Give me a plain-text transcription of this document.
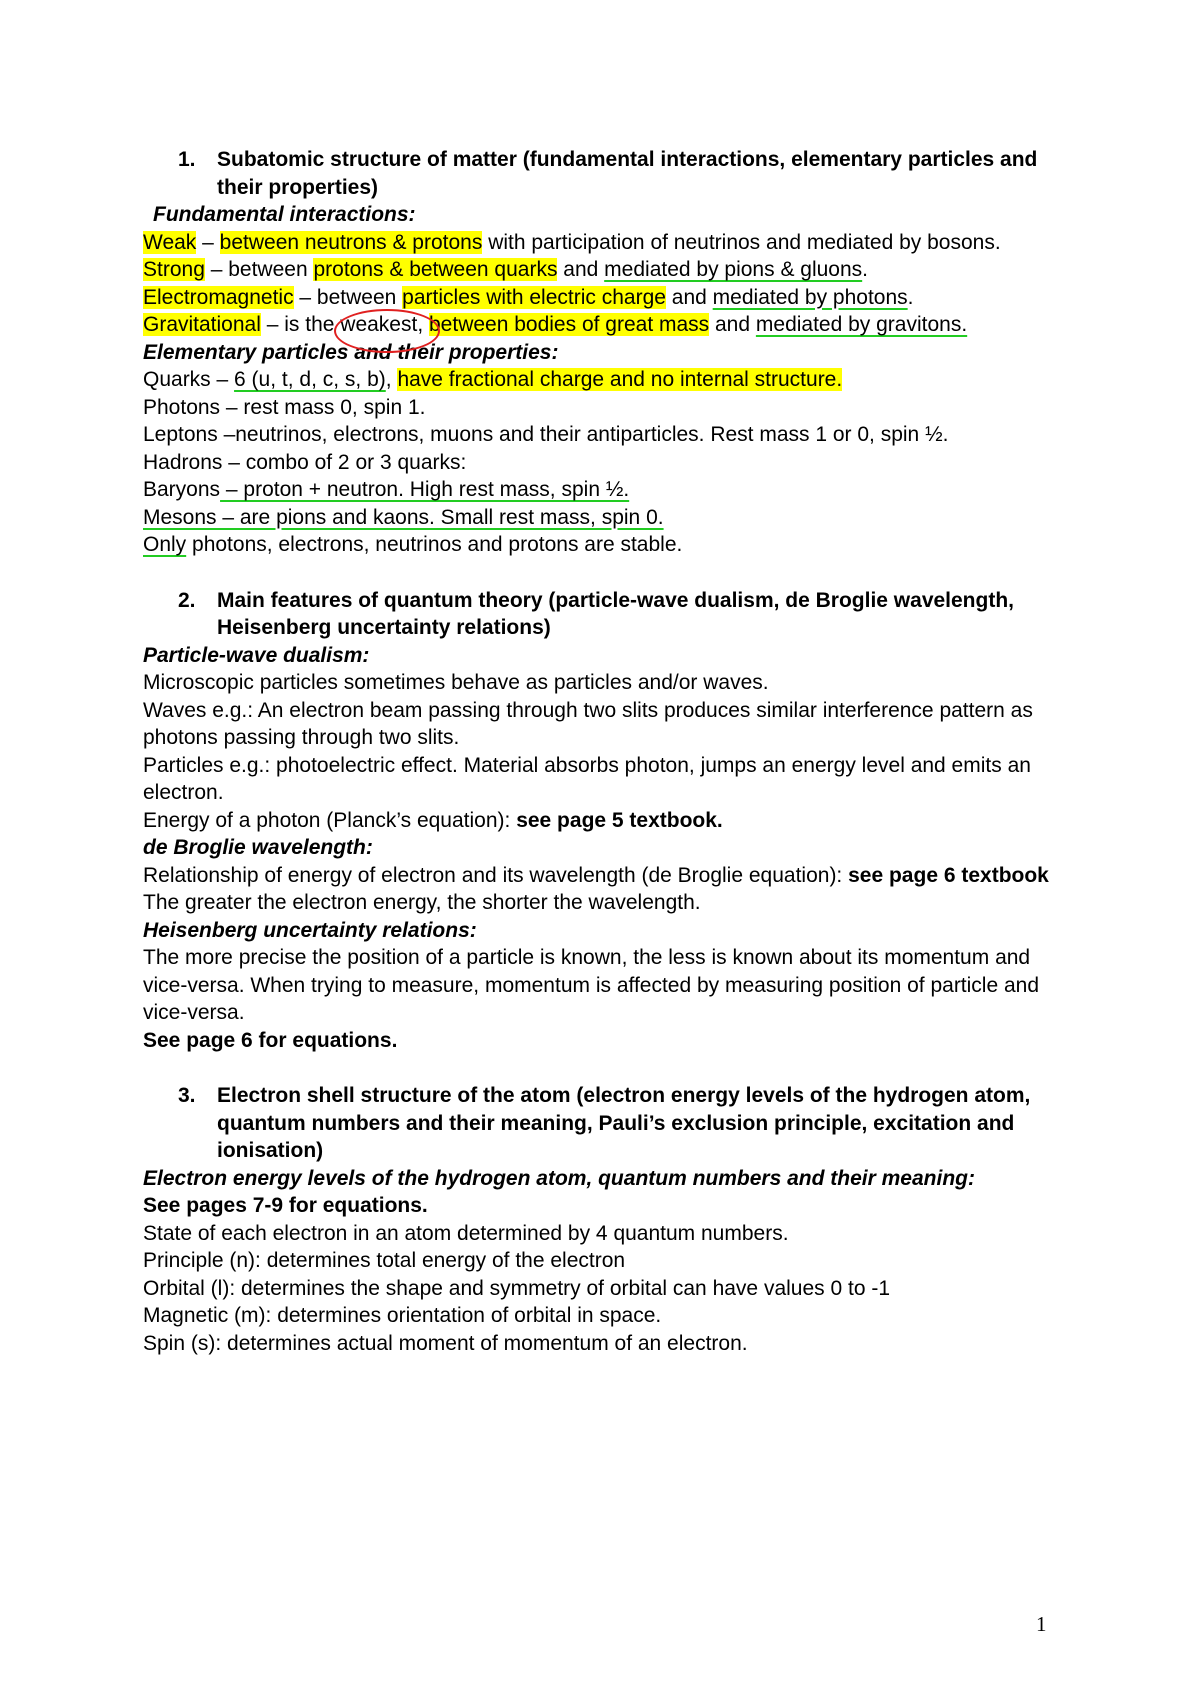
1. Subatomic structure of matter (fundamental interactions, elementary particles and their properties)

Fundamental interactions:

Weak – between neutrons & protons with participation of neutrinos and mediated by bosons.

Strong – between protons & between quarks and mediated by pions & gluons.

Electromagnetic – between particles with electric charge and mediated by photons.

Gravitational – is the weakest, between bodies of great mass and mediated by gravitons.

Elementary particles and their properties:

Quarks – 6 (u, t, d, c, s, b), have fractional charge and no internal structure.

Photons – rest mass 0, spin 1.

Leptons –neutrinos, electrons, muons and their antiparticles. Rest mass 1 or 0, spin ½.

Hadrons – combo of 2 or 3 quarks:

Baryons – proton + neutron. High rest mass, spin ½.

Mesons – are pions and kaons. Small rest mass, spin 0.

Only photons, electrons, neutrinos and protons are stable.

2. Main features of quantum theory (particle-wave dualism, de Broglie wavelength, Heisenberg uncertainty relations)

Particle-wave dualism:

Microscopic particles sometimes behave as particles and/or waves.

Waves e.g.: An electron beam passing through two slits produces similar interference pattern as photons passing through two slits.

Particles e.g.: photoelectric effect. Material absorbs photon, jumps an energy level and emits an electron.

Energy of a photon (Planck’s equation): see page 5 textbook.

de Broglie wavelength:

Relationship of energy of electron and its wavelength (de Broglie equation): see page 6 textbook

The greater the electron energy, the shorter the wavelength.

Heisenberg uncertainty relations:

The more precise the position of a particle is known, the less is known about its momentum and vice-versa. When trying to measure, momentum is affected by measuring position of particle and vice-versa.

See page 6 for equations.

3. Electron shell structure of the atom (electron energy levels of the hydrogen atom, quantum numbers and their meaning, Pauli’s exclusion principle, excitation and ionisation)

Electron energy levels of the hydrogen atom, quantum numbers and their meaning:

See pages 7-9 for equations.

State of each electron in an atom determined by 4 quantum numbers.

Principle (n): determines total energy of the electron

Orbital (l): determines the shape and symmetry of orbital can have values 0 to -1

Magnetic (m): determines orientation of orbital in space.

Spin (s): determines actual moment of momentum of an electron.

1
